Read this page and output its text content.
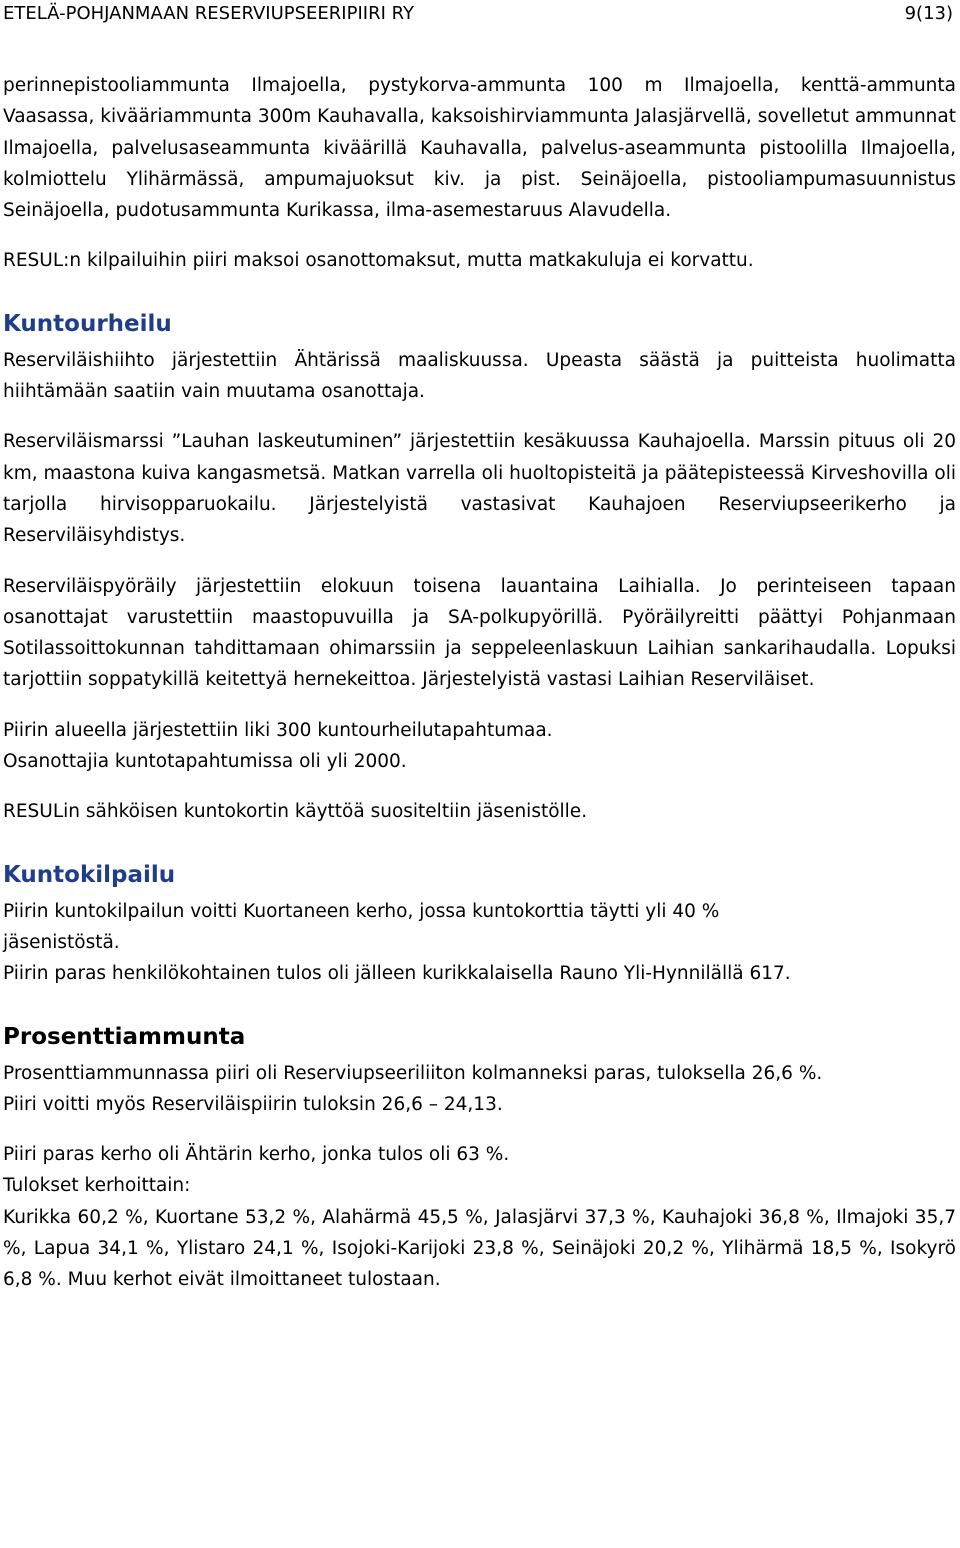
ETELÄ-POHJANMAAN RESERVIUPSEERIPIIRI RY	9(13)

perinnepistooliammunta Ilmajoella, pystykorva-ammunta 100 m Ilmajoella, kenttä-ammunta Vaasassa, kivääriammunta 300m Kauhavalla, kaksoishirviammunta Jalasjärvellä, sovelletut ammunnat Ilmajoella, palvelusaseammunta kiväärillä Kauhavalla, palvelus-aseammunta pistoolilla Ilmajoella, kolmiottelu Ylihärmässä, ampumajuoksut kiv. ja pist. Seinäjoella, pistooliampumasuunnistus Seinäjoella, pudotusammunta Kurikassa, ilma-asemestaruus Alavudella.

RESUL:n kilpailuihin piiri maksoi osanottomaksut, mutta matkakuluja ei korvattu.

Kuntourheilu

Reserviläishiihto järjestettiin Ähtärissä maaliskuussa. Upeasta säästä ja puitteista huolimatta hiihtämään saatiin vain muutama osanottaja.

Reserviläismarssi ”Lauhan laskeutuminen” järjestettiin kesäkuussa Kauhajoella. Marssin pituus oli 20 km, maastona kuiva kangasmetsä. Matkan varrella oli huoltopisteitä ja päätepisteessä Kirveshovilla oli tarjolla hirvisopparuokailu. Järjestelyistä vastasivat Kauhajoen Reserviupseerikerho ja Reserviläisyhdistys.

Reserviläispyöräily järjestettiin elokuun toisena lauantaina Laihialla. Jo perinteiseen tapaan osanottajat varustettiin maastopuvuilla ja SA-polkupyörillä. Pyöräilyreitti päättyi Pohjanmaan Sotilassoittokunnan tahdittamaan ohimarssiin ja seppeleenlaskuun Laihian sankarihaudalla. Lopuksi tarjottiin soppatykillä keitettyä hernekeittoa. Järjestelyistä vastasi Laihian Reserviläiset.

Piirin alueella järjestettiin liki 300 kuntourheilutapahtumaa.
Osanottajia kuntotapahtumissa oli yli 2000.

RESULin sähköisen kuntokortin käyttöä suositeltiin jäsenistölle.

Kuntokilpailu
Piirin kuntokilpailun voitti Kuortaneen kerho, jossa kuntokorttia täytti yli 40 %
jäsenistöstä.
Piirin paras henkilökohtainen tulos oli jälleen kurikkalaisella Rauno Yli-Hynnilällä 617.
Prosenttiammunta
Prosenttiammunnassa piiri oli Reserviupseeriliiton kolmanneksi paras, tuloksella 26,6 %.
Piiri voitti myös Reserviläispiirin tuloksin 26,6 – 24,13.
Piiri paras kerho oli Ähtärin kerho, jonka tulos oli 63 %.
Tulokset kerhoittain:

Kurikka 60,2 %, Kuortane 53,2 %, Alahärmä 45,5 %, Jalasjärvi 37,3 %, Kauhajoki 36,8 %, Ilmajoki 35,7 %, Lapua 34,1 %, Ylistaro 24,1 %, Isojoki-Karijoki 23,8 %, Seinäjoki 20,2 %, Ylihärmä 18,5 %, Isokyrö 6,8 %. Muu kerhot eivät ilmoittaneet tulostaan.
